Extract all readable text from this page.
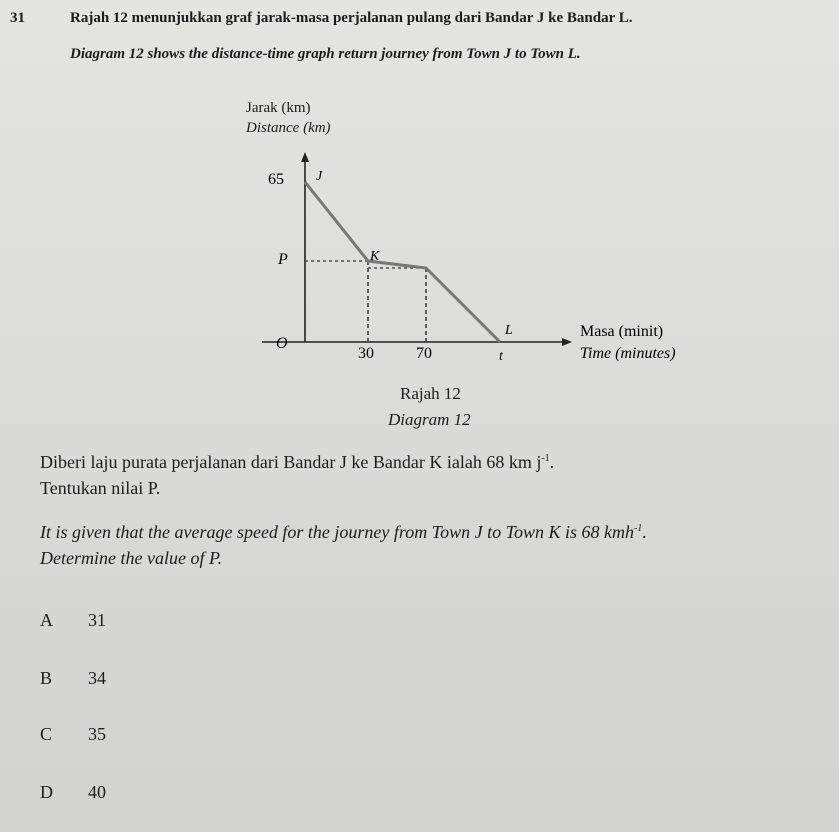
31	Rajah 12 menunjukkan graf jarak-masa perjalanan pulang dari Bandar J ke Bandar L.
Diagram 12 shows the distance-time graph return journey from Town J to Town L.
Jarak (km)
Distance (km)
65 J
P	K
L
O
30	70	t
Masa (minit)
Time (minutes)
Rajah 12
Diagram 12
Diberi laju purata perjalanan dari Bandar J ke Bandar K ialah 68 km $j^{-1}$.
Tentukan nilai P.
It is given that the average speed for the journey from Town J to Town K is 68 kmh$^{-1}$.
Determine the value of P.
A 31
B 34
C 35
D 40
